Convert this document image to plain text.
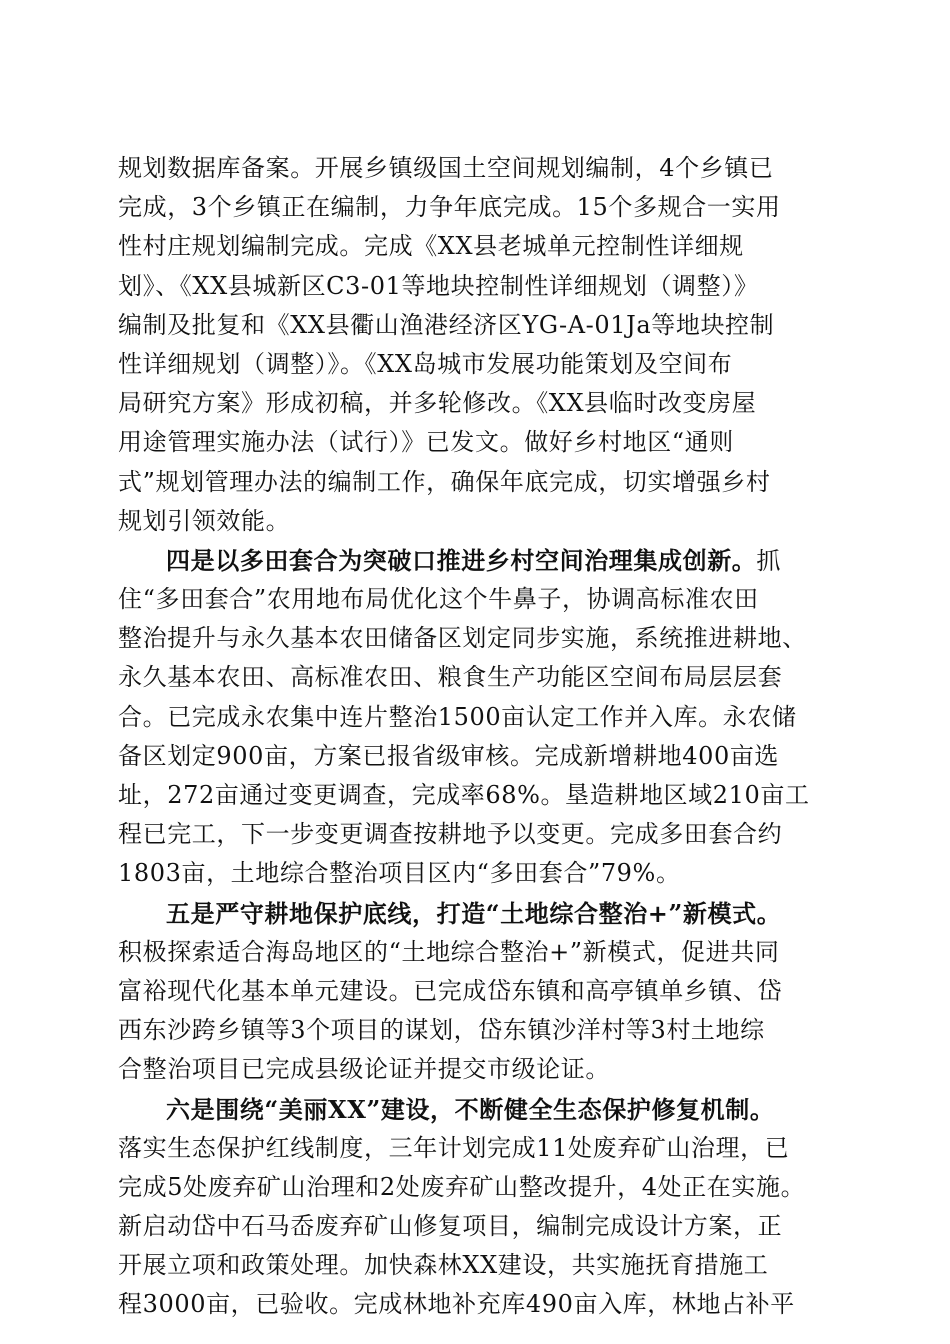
规划数据库备案。开展乡镇级国土空间规划编制，4个乡镇已
完成，3个乡镇正在编制，力争年底完成。15个多规合一实用
性村庄规划编制完成。完成《XX县老城单元控制性详细规
划》、《XX县城新区C3-01等地块控制性详细规划（调整）》
编制及批复和《XX县衢山渔港经济区YG-A-01Ja等地块控制
性详细规划（调整）》。《XX岛城市发展功能策划及空间布
局研究方案》形成初稿，并多轮修改。《XX县临时改变房屋
用途管理实施办法（试行）》已发文。做好乡村地区“通则
式”规划管理办法的编制工作，确保年底完成，切实增强乡村
规划引领效能。
四是以多田套合为突破口推进乡村空间治理集成创新。抓
住“多田套合”农用地布局优化这个牛鼻子，协调高标准农田
整治提升与永久基本农田储备区划定同步实施，系统推进耕地、
永久基本农田、高标准农田、粮食生产功能区空间布局层层套
合。已完成永农集中连片整治1500亩认定工作并入库。永农储
备区划定900亩，方案已报省级审核。完成新增耕地400亩选
址，272亩通过变更调查，完成率68%。垦造耕地区域210亩工
程已完工，下一步变更调查按耕地予以变更。完成多田套合约
1803亩，土地综合整治项目区内“多田套合”79%。
五是严守耕地保护底线，打造“土地综合整治+”新模式。
积极探索适合海岛地区的“土地综合整治+”新模式，促进共同
富裕现代化基本单元建设。已完成岱东镇和高亭镇单乡镇、岱
西东沙跨乡镇等3个项目的谋划，岱东镇沙洋村等3村土地综
合整治项目已完成县级论证并提交市级论证。
六是围绕“美丽XX”建设，不断健全生态保护修复机制。
落实生态保护红线制度，三年计划完成11处废弃矿山治理，已
完成5处废弃矿山治理和2处废弃矿山整改提升，4处正在实施。
新启动岱中石马岙废弃矿山修复项目，编制完成设计方案，正
开展立项和政策处理。加快森林XX建设，共实施抚育措施工
程3000亩，已验收。完成林地补充库490亩入库，林地占补平
